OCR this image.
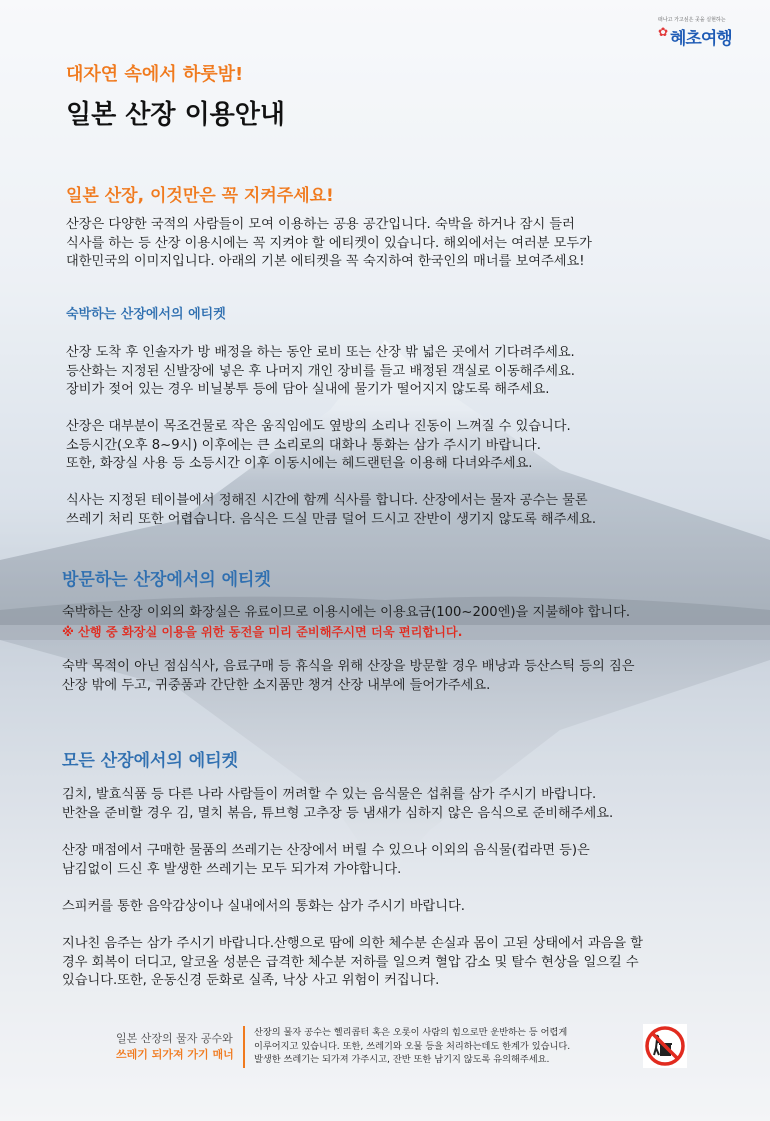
떠나고 가고싶은 곳을 실현하는
✿ 혜초여행
대자연 속에서 하룻밤!
일본 산장 이용안내
일본 산장, 이것만은 꼭 지켜주세요!
산장은 다양한 국적의 사람들이 모여 이용하는 공용 공간입니다. 숙박을 하거나 잠시 들러
식사를 하는 등 산장 이용시에는 꼭 지켜야 할 에티켓이 있습니다. 해외에서는 여러분 모두가
대한민국의 이미지입니다. 아래의 기본 에티켓을 꼭 숙지하여 한국인의 매너를 보여주세요!
숙박하는 산장에서의 에티켓
산장 도착 후 인솔자가 방 배정을 하는 동안 로비 또는 산장 밖 넓은 곳에서 기다려주세요.
등산화는 지정된 신발장에 넣은 후 나머지 개인 장비를 들고 배정된 객실로 이동해주세요.
장비가 젖어 있는 경우 비닐봉투 등에 담아 실내에 물기가 떨어지지 않도록 해주세요.
산장은 대부분이 목조건물로 작은 움직임에도 옆방의 소리나 진동이 느껴질 수 있습니다.
소등시간(오후 8~9시) 이후에는 큰 소리로의 대화나 통화는 삼가 주시기 바랍니다.
또한, 화장실 사용 등 소등시간 이후 이동시에는 헤드랜턴을 이용해 다녀와주세요.
식사는 지정된 테이블에서 정해진 시간에 함께 식사를 합니다. 산장에서는 물자 공수는 물론
쓰레기 처리 또한 어렵습니다. 음식은 드실 만큼 덜어 드시고 잔반이 생기지 않도록 해주세요.
방문하는 산장에서의 에티켓
숙박하는 산장 이외의 화장실은 유료이므로 이용시에는 이용요금(100~200엔)을 지불해야 합니다.
※ 산행 중 화장실 이용을 위한 동전을 미리 준비해주시면 더욱 편리합니다.
숙박 목적이 아닌 점심식사, 음료구매 등 휴식을 위해 산장을 방문할 경우 배낭과 등산스틱 등의 짐은
산장 밖에 두고, 귀중품과 간단한 소지품만 챙겨 산장 내부에 들어가주세요.
모든 산장에서의 에티켓
김치, 발효식품 등 다른 나라 사람들이 꺼려할 수 있는 음식물은 섭취를 삼가 주시기 바랍니다.
반찬을 준비할 경우 김, 멸치 볶음, 튜브형 고추장 등 냄새가 심하지 않은 음식으로 준비해주세요.
산장 매점에서 구매한 물품의 쓰레기는 산장에서 버릴 수 있으나 이외의 음식물(컵라면 등)은
남김없이 드신 후 발생한 쓰레기는 모두 되가져 가야합니다.
스피커를 통한 음악감상이나 실내에서의 통화는 삼가 주시기 바랍니다.
지나친 음주는 삼가 주시기 바랍니다.산행으로 땀에 의한 체수분 손실과 몸이 고된 상태에서 과음을 할
경우 회복이 더디고, 알코올 성분은 급격한 체수분 저하를 일으켜 혈압 감소 및 탈수 현상을 일으킬 수
있습니다.또한, 운동신경 둔화로 실족, 낙상 사고 위험이 커집니다.
일본 산장의 물자 공수와
쓰레기 되가져 가기 매너
산장의 물자 공수는 헬리콥터 혹은 오롯이 사람의 힘으로만 운반하는 등 어렵게
이루어지고 있습니다. 또한, 쓰레기와 오물 등을 처리하는데도 한계가 있습니다.
발생한 쓰레기는 되가져 가주시고, 잔반 또한 남기지 않도록 유의해주세요.
